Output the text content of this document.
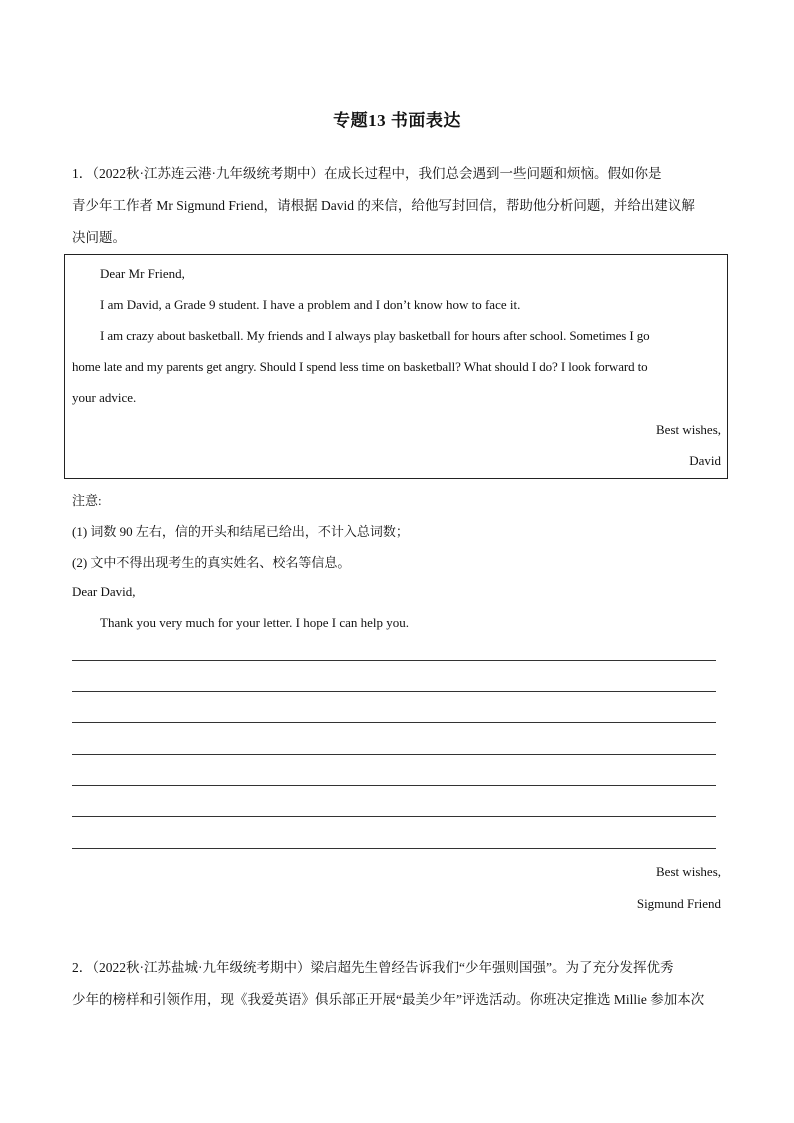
专题13 书面表达
1．（2022秋·江苏连云港·九年级统考期中）在成长过程中，我们总会遇到一些问题和烦恼。假如你是
青少年工作者 Mr Sigmund Friend，请根据 David 的来信，给他写封回信，帮助他分析问题，并给出建议解
决问题。
Dear Mr Friend,
I am David, a Grade 9 student. I have a problem and I don’t know how to face it.
I am crazy about basketball. My friends and I always play basketball for hours after school. Sometimes I go
home late and my parents get angry. Should I spend less time on basketball? What should I do? I look forward to
your advice.
Best wishes,
David
注意:
(1) 词数 90 左右，信的开头和结尾已给出，不计入总词数；
(2) 文中不得出现考生的真实姓名、校名等信息。
Dear David,
Thank you very much for your letter. I hope I can help you.
Best wishes,
Sigmund Friend
2．（2022秋·江苏盐城·九年级统考期中）梁启超先生曾经告诉我们“少年强则国强”。为了充分发挥优秀
少年的榜样和引领作用，现《我爱英语》俱乐部正开展“最美少年”评选活动。你班决定推选 Millie 参加本次
